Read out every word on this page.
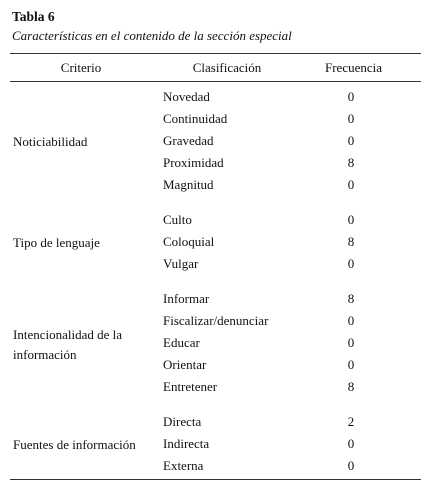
Tabla 6
Características en el contenido de la sección especial
Criterio	Clasificación	Frecuencia
Noticiabilidad
Novedad	0
Continuidad	0
Gravedad	0
Proximidad	8
Magnitud	0
Tipo de lenguaje
Culto	0
Coloquial	8
Vulgar	0
Intencionalidad de la información
Informar	8
Fiscalizar/denunciar	0
Educar	0
Orientar	0
Entretener	8
Fuentes de información
Directa	2
Indirecta	0
Externa	0
